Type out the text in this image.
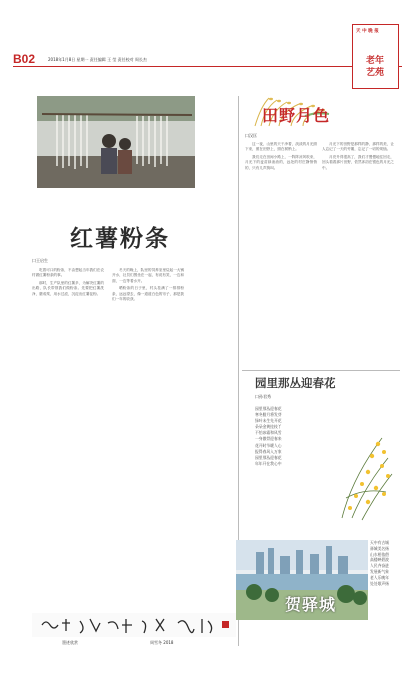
B02	2018年1月8日 星期一 责任编辑 王 莹 责任校对 周长杰
天 中 晚 报
老年
艺苑
红薯粉条
口王启生

吃着可口的粉条，不由想起当年我们在农村做红薯粉条的事。

那时，生产队里的红薯多，为解决红薯的出路，队长带领我们做粉条。先要把红薯洗净，磨成浆，用水过滤，沉淀出红薯淀粉。

冬天的晚上，队里的饲养室里烧起一大锅开水，社员们围坐在一起，有说有笑，一边和面，一边等着水开。

晒粉条的日子里，村头挂满了一排排粉条，远远望去，像一道道白色的帘子，那是我们一年的收获。

墨迹欣赏	周雪冬 2018
田野月色
口汉匡

这一夜，山里的天干净着，淡淡的月光照下来，照在田野上，照在树梢上。

我们走在田间小路上，一阵阵凉风吹来，月光下的麦苗绿油油的，远处的村庄静悄悄的，只有几声狗叫。

月光下的田野是那样的静，那样的美，让人忘记了一天的劳累，忘记了一切的烦恼。

月亮升得很高了，我们才慢慢地往回走，回头看看那片田野，依然沐浴在银色的月光之中。

园里那丛迎春花
口孙君秀
园里那丛迎春花
寒冬腊月将发芽
绿叶未生先开花
朵朵金黄挂枝丫
不怕冰霜和风雪
一身傲骨迎春来
花开时节暖人心
报得春风入万家
园里那丛迎春花
年年开在我心中
贺驿城
天中有古城
驿城美名扬
山水相依偎
高楼映碧波
人民齐奋进
发展新气象
老人乐晚年
处处歌声扬
